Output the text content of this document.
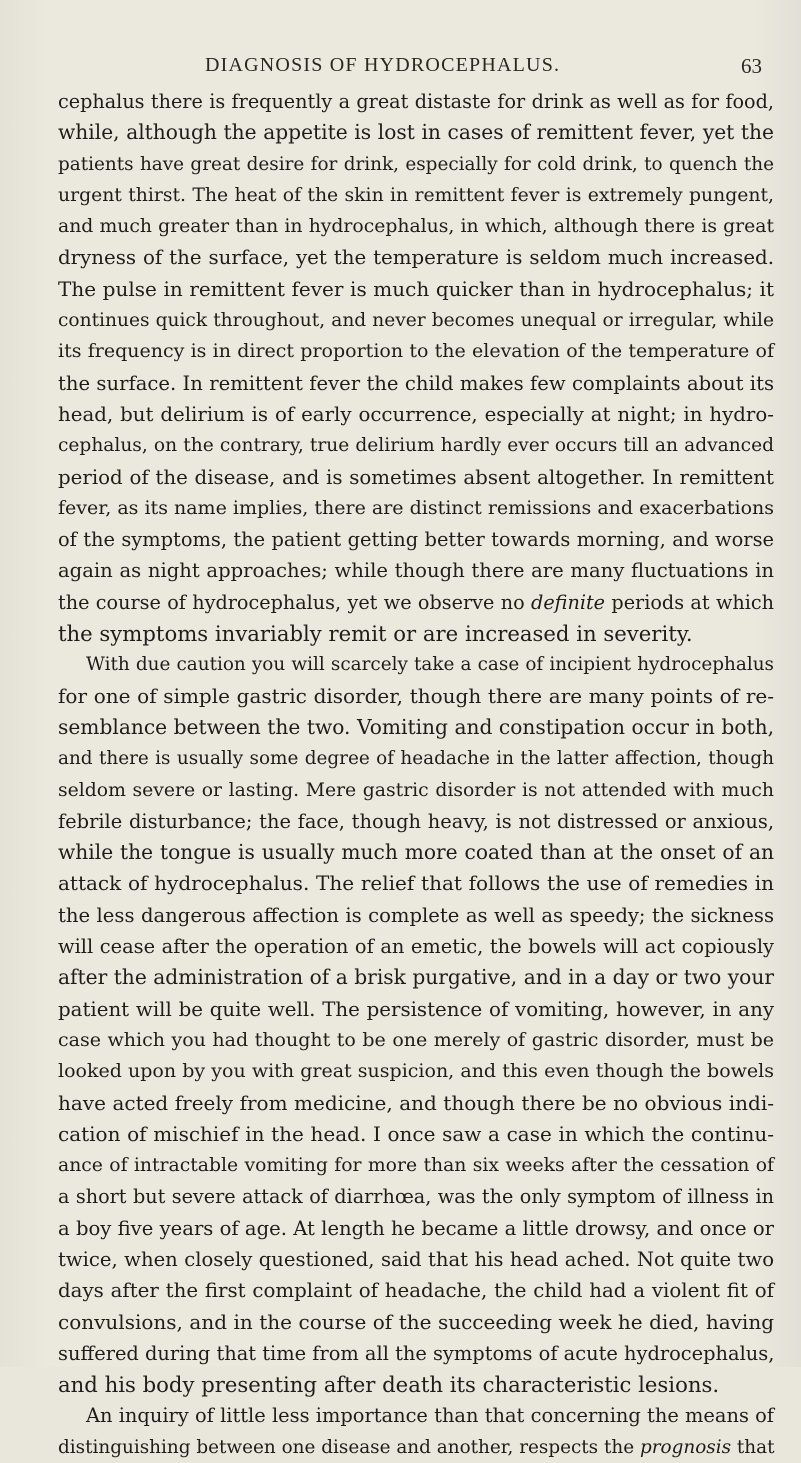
DIAGNOSIS OF HYDROCEPHALUS.	63
cephalus there is frequently a great distaste for drink as well as for food,
while, although the appetite is lost in cases of remittent fever, yet the
patients have great desire for drink, especially for cold drink, to quench the
urgent thirst. The heat of the skin in remittent fever is extremely pungent,
and much greater than in hydrocephalus, in which, although there is great
dryness of the surface, yet the temperature is seldom much increased.
The pulse in remittent fever is much quicker than in hydrocephalus; it
continues quick throughout, and never becomes unequal or irregular, while
its frequency is in direct proportion to the elevation of the temperature of
the surface. In remittent fever the child makes few complaints about its
head, but delirium is of early occurrence, especially at night; in hydro-
cephalus, on the contrary, true delirium hardly ever occurs till an advanced
period of the disease, and is sometimes absent altogether. In remittent
fever, as its name implies, there are distinct remissions and exacerbations
of the symptoms, the patient getting better towards morning, and worse
again as night approaches; while though there are many fluctuations in
the course of hydrocephalus, yet we observe no definite periods at which
the symptoms invariably remit or are increased in severity.
With due caution you will scarcely take a case of incipient hydrocephalus
for one of simple gastric disorder, though there are many points of re-
semblance between the two. Vomiting and constipation occur in both,
and there is usually some degree of headache in the latter affection, though
seldom severe or lasting. Mere gastric disorder is not attended with much
febrile disturbance; the face, though heavy, is not distressed or anxious,
while the tongue is usually much more coated than at the onset of an
attack of hydrocephalus. The relief that follows the use of remedies in
the less dangerous affection is complete as well as speedy; the sickness
will cease after the operation of an emetic, the bowels will act copiously
after the administration of a brisk purgative, and in a day or two your
patient will be quite well. The persistence of vomiting, however, in any
case which you had thought to be one merely of gastric disorder, must be
looked upon by you with great suspicion, and this even though the bowels
have acted freely from medicine, and though there be no obvious indi-
cation of mischief in the head. I once saw a case in which the continu-
ance of intractable vomiting for more than six weeks after the cessation of
a short but severe attack of diarrhœa, was the only symptom of illness in
a boy five years of age. At length he became a little drowsy, and once or
twice, when closely questioned, said that his head ached. Not quite two
days after the first complaint of headache, the child had a violent fit of
convulsions, and in the course of the succeeding week he died, having
suffered during that time from all the symptoms of acute hydrocephalus,
and his body presenting after death its characteristic lesions.
An inquiry of little less importance than that concerning the means of
distinguishing between one disease and another, respects the prognosis that
